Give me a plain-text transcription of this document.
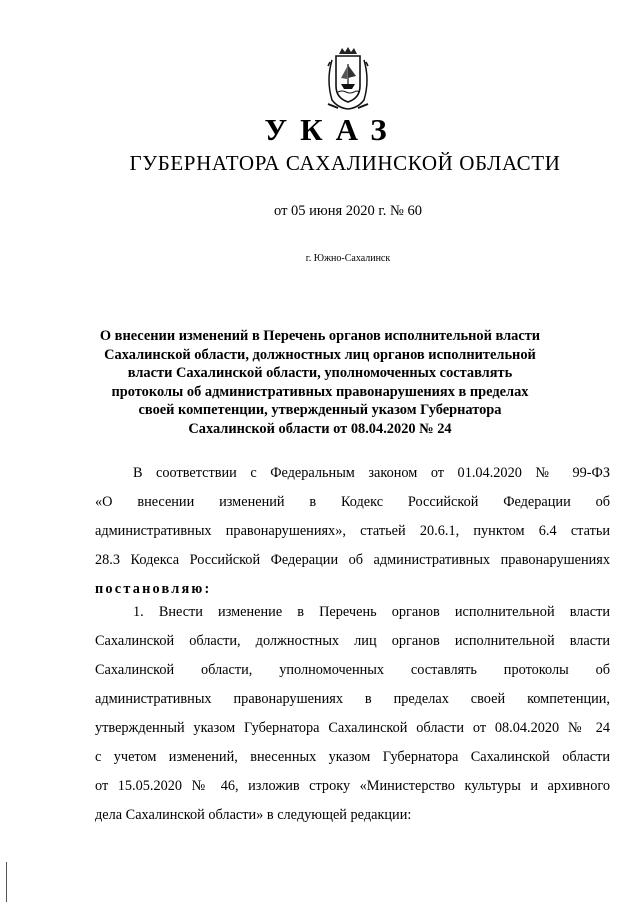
УКАЗ
ГУБЕРНАТОРА САХАЛИНСКОЙ ОБЛАСТИ
от 05 июня 2020 г. № 60
г. Южно-Сахалинск
О внесении изменений в Перечень органов исполнительной власти
Сахалинской области, должностных лиц органов исполнительной
власти Сахалинской области, уполномоченных составлять
протоколы об административных правонарушениях в пределах
своей компетенции, утвержденный указом Губернатора
Сахалинской области от 08.04.2020 № 24
В соответствии с Федеральным законом от 01.04.2020 № 99-ФЗ
«О внесении изменений в Кодекс Российской Федерации об
административных правонарушениях», статьей 20.6.1, пунктом 6.4 статьи
28.3 Кодекса Российской Федерации об административных правонарушениях
постановляю:
1. Внести изменение в Перечень органов исполнительной власти
Сахалинской области, должностных лиц органов исполнительной власти
Сахалинской области, уполномоченных составлять протоколы об
административных правонарушениях в пределах своей компетенции,
утвержденный указом Губернатора Сахалинской области от 08.04.2020 № 24
с учетом изменений, внесенных указом Губернатора Сахалинской области
от 15.05.2020 № 46, изложив строку «Министерство культуры и архивного
дела Сахалинской области» в следующей редакции:
